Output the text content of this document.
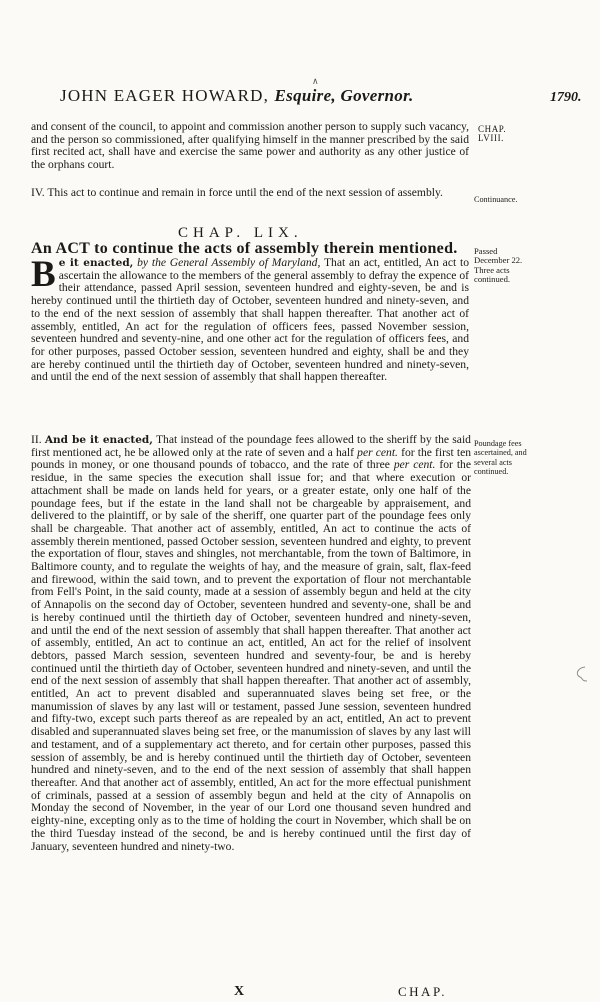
∧
JOHN EAGER HOWARD, Esquire, Governor.	1790.
and consent of the council, to appoint and commission another person to supply such vacancy, and the person so commissioned, after qualifying himself in the manner prescribed by the said first recited act, shall have and exercise the same power and authority as any other justice of the orphans court.
CHAP. LVIII.
IV. This act to continue and remain in force until the end of the next session of assembly.
Continuance.
CHAP. LIX.
An ACT to continue the acts of assembly therein mentioned. Passed December 22. Three acts continued.
Be it enacted, by the General Assembly of Maryland, That an act, entitled, An act to ascertain the allowance to the members of the general assembly to defray the expence of their attendance, passed April session, seventeen hundred and eighty-seven, be and is hereby continued until the thirtieth day of October, seventeen hundred and ninety-seven, and to the end of the next session of assembly that shall happen thereafter. That another act of assembly, entitled, An act for the regulation of officers fees, passed November session, seventeen hundred and seventy-nine, and one other act for the regulation of officers fees, and for other purposes, passed October session, seventeen hundred and eighty, shall be and they are hereby continued until the thirtieth day of October, seventeen hundred and ninety-seven, and until the end of the next session of assembly that shall happen thereafter.
II. And be it enacted, That instead of the poundage fees allowed to the sheriff by the said first mentioned act, he be allowed only at the rate of seven and a half per cent. for the first ten pounds in money, or one thousand pounds of tobacco, and the rate of three per cent. for the residue, in the same species the execution shall issue for; and that where execution or attachment shall be made on lands held for years, or a greater estate, only one half of the poundage fees, but if the estate in the land shall not be chargeable by appraisement, and delivered to the plaintiff, or by sale of the sheriff, one quarter part of the poundage fees only shall be chargeable. That another act of assembly, entitled, An act to continue the acts of assembly therein mentioned, passed October session, seventeen hundred and eighty, to prevent the exportation of flour, staves and shingles, not merchantable, from the town of Baltimore, in Baltimore county, and to regulate the weights of hay, and the measure of grain, salt, flax-feed and firewood, within the said town, and to prevent the exportation of flour not merchantable from Fell's Point, in the said county, made at a session of assembly begun and held at the city of Annapolis on the second day of October, seventeen hundred and seventy-one, shall be and is hereby continued until the thirtieth day of October, seventeen hundred and ninety-seven, and until the end of the next session of assembly that shall happen thereafter. That another act of assembly, entitled, An act to continue an act, entitled, An act for the relief of insolvent debtors, passed March session, seventeen hundred and seventy-four, be and is hereby continued until the thirtieth day of October, seventeen hundred and ninety-seven, and until the end of the next session of assembly that shall happen thereafter. That another act of assembly, entitled, An act to prevent disabled and superannuated slaves being set free, or the manumission of slaves by any last will or testament, passed June session, seventeen hundred and fifty-two, except such parts thereof as are repealed by an act, entitled, An act to prevent disabled and superannuated slaves being set free, or the manumission of slaves by any last will and testament, and of a supplementary act thereto, and for certain other purposes, passed this session of assembly, be and is hereby continued until the thirtieth day of October, seventeen hundred and ninety-seven, and to the end of the next session of assembly that shall happen thereafter. And that another act of assembly, entitled, An act for the more effectual punishment of criminals, passed at a session of assembly begun and held at the city of Annapolis on Monday the second of November, in the year of our Lord one thousand seven hundred and eighty-nine, excepting only as to the time of holding the court in November, which shall be on the third Tuesday instead of the second, be and is hereby continued until the first day of January, seventeen hundred and ninety-two.
Poundage fees ascertained, and several acts continued.
X	CHAP.
